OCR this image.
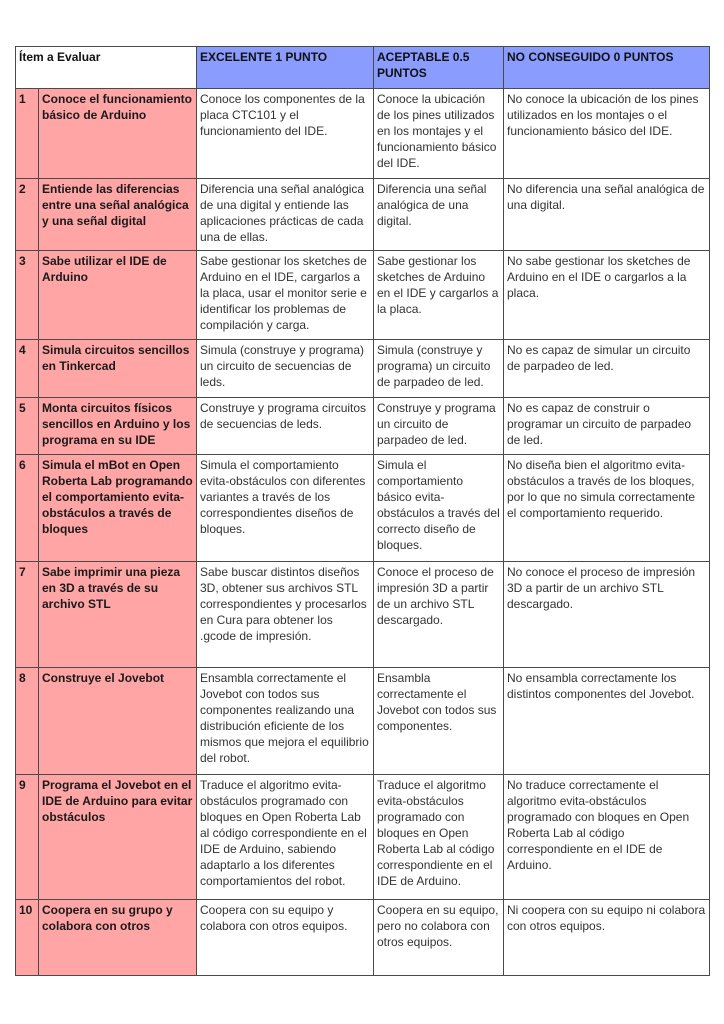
Ítem a Evaluar		EXCELENTE 1 PUNTO	ACEPTABLE 0.5 PUNTOS	NO CONSEGUIDO 0 PUNTOS
1	Conoce el funcionamiento básico de Arduino	Conoce los componentes de la placa CTC101 y el funcionamiento del IDE.	Conoce la ubicación de los pines utilizados en los montajes y el funcionamiento básico del IDE.	No conoce la ubicación de los pines utilizados en los montajes o el funcionamiento básico del IDE.
2	Entiende las diferencias entre una señal analógica y una señal digital	Diferencia una señal analógica de una digital y entiende las aplicaciones prácticas de cada una de ellas.	Diferencia una señal analógica de una digital.	No diferencia una señal analógica de una digital.
3	Sabe utilizar el IDE de Arduino	Sabe gestionar los sketches de Arduino en el IDE, cargarlos a la placa, usar el monitor serie e identificar los problemas de compilación y carga.	Sabe gestionar los sketches de Arduino en el IDE y cargarlos a la placa.	No sabe gestionar los sketches de Arduino en el IDE o cargarlos a la placa.
4	Simula circuitos sencillos en Tinkercad	Simula (construye y programa) un circuito de secuencias de leds.	Simula (construye y programa) un circuito de parpadeo de led.	No es capaz de simular un circuito de parpadeo de led.
5	Monta circuitos físicos sencillos en Arduino y los programa en su IDE	Construye y programa circuitos de secuencias de leds.	Construye y programa un circuito de parpadeo de led.	No es capaz de construir o programar un circuito de parpadeo de led.
6	Simula el mBot en Open Roberta Lab programando el comportamiento evita-obstáculos a través de bloques	Simula el comportamiento evita-obstáculos con diferentes variantes a través de los correspondientes diseños de bloques.	Simula el comportamiento básico evita-obstáculos a través del correcto diseño de bloques.	No diseña bien el algoritmo evita-obstáculos a través de los bloques, por lo que no simula correctamente el comportamiento requerido.
7	Sabe imprimir una pieza en 3D a través de su archivo STL	Sabe buscar distintos diseños 3D, obtener sus archivos STL correspondientes y procesarlos en Cura para obtener los .gcode de impresión.	Conoce el proceso de impresión 3D a partir de un archivo STL descargado.	No conoce el proceso de impresión 3D a partir de un archivo STL descargado.
8	Construye el Jovebot	Ensambla correctamente el Jovebot con todos sus componentes realizando una distribución eficiente de los mismos que mejora el equilibrio del robot.	Ensambla correctamente el Jovebot con todos sus componentes.	No ensambla correctamente los distintos componentes del Jovebot.
9	Programa el Jovebot en el IDE de Arduino para evitar obstáculos	Traduce el algoritmo evita-obstáculos programado con bloques en Open Roberta Lab al código correspondiente en el IDE de Arduino, sabiendo adaptarlo a los diferentes comportamientos del robot.	Traduce el algoritmo evita-obstáculos programado con bloques en Open Roberta Lab al código correspondiente en el IDE de Arduino.	No traduce correctamente el algoritmo evita-obstáculos programado con bloques en Open Roberta Lab al código correspondiente en el IDE de Arduino.
10	Coopera en su grupo y colabora con otros	Coopera con su equipo y colabora con otros equipos.	Coopera en su equipo, pero no colabora con otros equipos.	Ni coopera con su equipo ni colabora con otros equipos.
